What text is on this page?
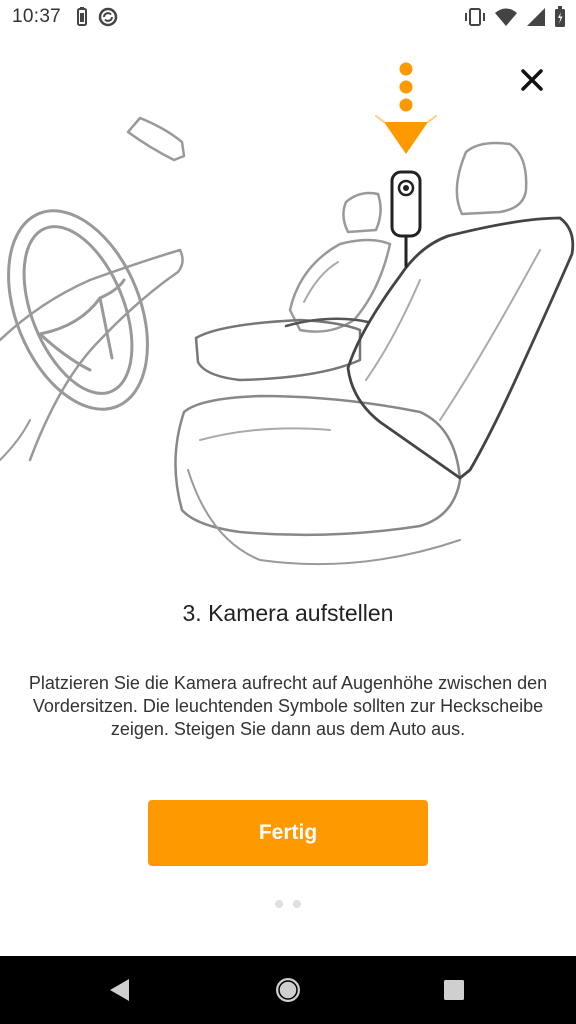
10:37
3. Kamera aufstellen
Platzieren Sie die Kamera aufrecht auf Augenhöhe zwischen den Vordersitzen. Die leuchtenden Symbole sollten zur Heckscheibe zeigen. Steigen Sie dann aus dem Auto aus.
Fertig
